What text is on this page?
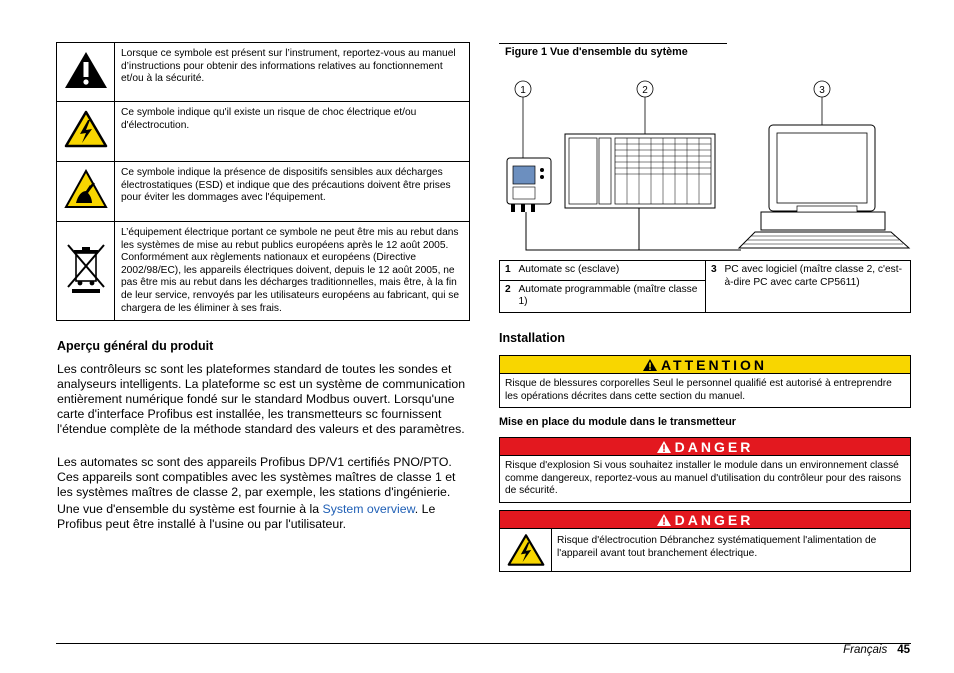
	Lorsque ce symbole est présent sur l’instrument, reportez-vous au manuel d’instructions pour obtenir des informations relatives au fonctionnement et/ou à la sécurité.
	Ce symbole indique qu'il existe un risque de choc électrique et/ou d'électrocution.
	Ce symbole indique la présence de dispositifs sensibles aux décharges électrostatiques (ESD) et indique que des précautions doivent être prises pour éviter les dommages avec l'équipement.
	L’équipement électrique portant ce symbole ne peut être mis au rebut dans les systèmes de mise au rebut publics européens après le 12 août 2005. Conformément aux règlements nationaux et européens (Directive 2002/98/EC), les appareils électriques doivent, depuis le 12 août 2005, ne pas être mis au rebut dans les décharges traditionnelles, mais être, à la fin de leur service, renvoyés par les utilisateurs européens au fabricant, qui se chargera de les éliminer à ses frais.
Aperçu général du produit

Les contrôleurs sc sont les plateformes standard de toutes les sondes et analyseurs intelligents. La plateforme sc est un système de communication entièrement numérique fondé sur le standard Modbus ouvert. Lorsqu'une carte d'interface Profibus est installée, les transmetteurs sc fournissent l'étendue complète de la méthode standard des valeurs et des paramètres.

Les automates sc sont des appareils Profibus DP/V1 certifiés PNO/PTO. Ces appareils sont compatibles avec les systèmes maîtres de classe 1 et les systèmes maîtres de classe 2, par exemple, les stations d'ingénierie.

Une vue d'ensemble du système est fournie à la System overview. Le Profibus peut être installé à l'usine ou par l'utilisateur.

Figure 1 Vue d'ensemble du sytème
1	2	3
1	Automate sc (esclave)	3	PC avec logiciel (maître classe 2, c'est-à-dire PC avec carte CP5611)
2	Automate programmable (maître classe 1)		
Installation
ATTENTION
Risque de blessures corporelles Seul le personnel qualifié est autorisé à entreprendre les opérations décrites dans cette section du manuel.
Mise en place du module dans le transmetteur
DANGER
Risque d'explosion Si vous souhaitez installer le module dans un environnement classé comme dangereux, reportez-vous au manuel d'utilisation du contrôleur pour des raisons de sécurité.
DANGER
Risque d'électrocution Débranchez systématiquement l'alimentation de l'appareil avant tout branchement électrique.
Français 45
